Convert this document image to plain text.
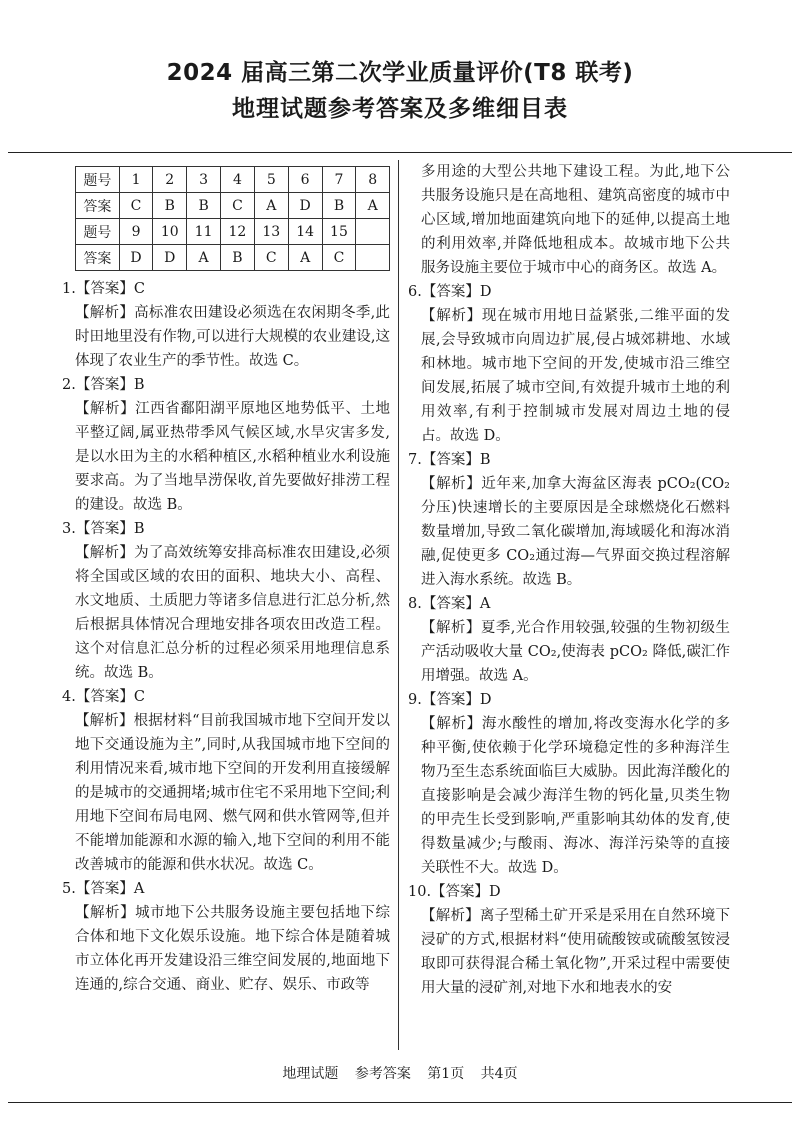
2024 届高三第二次学业质量评价(T8 联考)
地理试题参考答案及多维细目表
题号	1	2	3	4	5	6	7	8
答案	C	B	B	C	A	D	B	A
题号	9	10	11	12	13	14	15	
答案	D	D	A	B	C	A	C	
1.【答案】C
【解析】高标准农田建设必须选在农闲期冬季,此时田地里没有作物,可以进行大规模的农业建设,这体现了农业生产的季节性。故选 C。
2.【答案】B
【解析】江西省鄱阳湖平原地区地势低平、土地平整辽阔,属亚热带季风气候区域,水旱灾害多发,是以水田为主的水稻种植区,水稻种植业水利设施要求高。为了当地旱涝保收,首先要做好排涝工程的建设。故选 B。
3.【答案】B
【解析】为了高效统筹安排高标准农田建设,必须将全国或区域的农田的面积、地块大小、高程、水文地质、土质肥力等诸多信息进行汇总分析,然后根据具体情况合理地安排各项农田改造工程。这个对信息汇总分析的过程必须采用地理信息系统。故选 B。
4.【答案】C
【解析】根据材料“目前我国城市地下空间开发以地下交通设施为主”,同时,从我国城市地下空间的利用情况来看,城市地下空间的开发利用直接缓解的是城市的交通拥堵;城市住宅不采用地下空间;利用地下空间布局电网、燃气网和供水管网等,但并不能增加能源和水源的输入,地下空间的利用不能改善城市的能源和供水状况。故选 C。
5.【答案】A
【解析】城市地下公共服务设施主要包括地下综合体和地下文化娱乐设施。地下综合体是随着城市立体化再开发建设沿三维空间发展的,地面地下连通的,综合交通、商业、贮存、娱乐、市政等
多用途的大型公共地下建设工程。为此,地下公共服务设施只是在高地租、建筑高密度的城市中心区域,增加地面建筑向地下的延伸,以提高土地的利用效率,并降低地租成本。故城市地下公共服务设施主要位于城市中心的商务区。故选 A。
6.【答案】D
【解析】现在城市用地日益紧张,二维平面的发展,会导致城市向周边扩展,侵占城郊耕地、水域和林地。城市地下空间的开发,使城市沿三维空间发展,拓展了城市空间,有效提升城市土地的利用效率,有利于控制城市发展对周边土地的侵占。故选 D。
7.【答案】B
【解析】近年来,加拿大海盆区海表 pCO₂(CO₂ 分压)快速增长的主要原因是全球燃烧化石燃料数量增加,导致二氧化碳增加,海域暖化和海冰消融,促使更多 CO₂通过海—气界面交换过程溶解进入海水系统。故选 B。
8.【答案】A
【解析】夏季,光合作用较强,较强的生物初级生产活动吸收大量 CO₂,使海表 pCO₂ 降低,碳汇作用增强。故选 A。
9.【答案】D
【解析】海水酸性的增加,将改变海水化学的多种平衡,使依赖于化学环境稳定性的多种海洋生物乃至生态系统面临巨大威胁。因此海洋酸化的直接影响是会减少海洋生物的钙化量,贝类生物的甲壳生长受到影响,严重影响其幼体的发育,使得数量减少;与酸雨、海冰、海洋污染等的直接关联性不大。故选 D。
10.【答案】D
【解析】离子型稀土矿开采是采用在自然环境下浸矿的方式,根据材料“使用硫酸铵或硫酸氢铵浸取即可获得混合稀土氧化物”,开采过程中需要使用大量的浸矿剂,对地下水和地表水的安
地理试题 参考答案 第1页 共4页
